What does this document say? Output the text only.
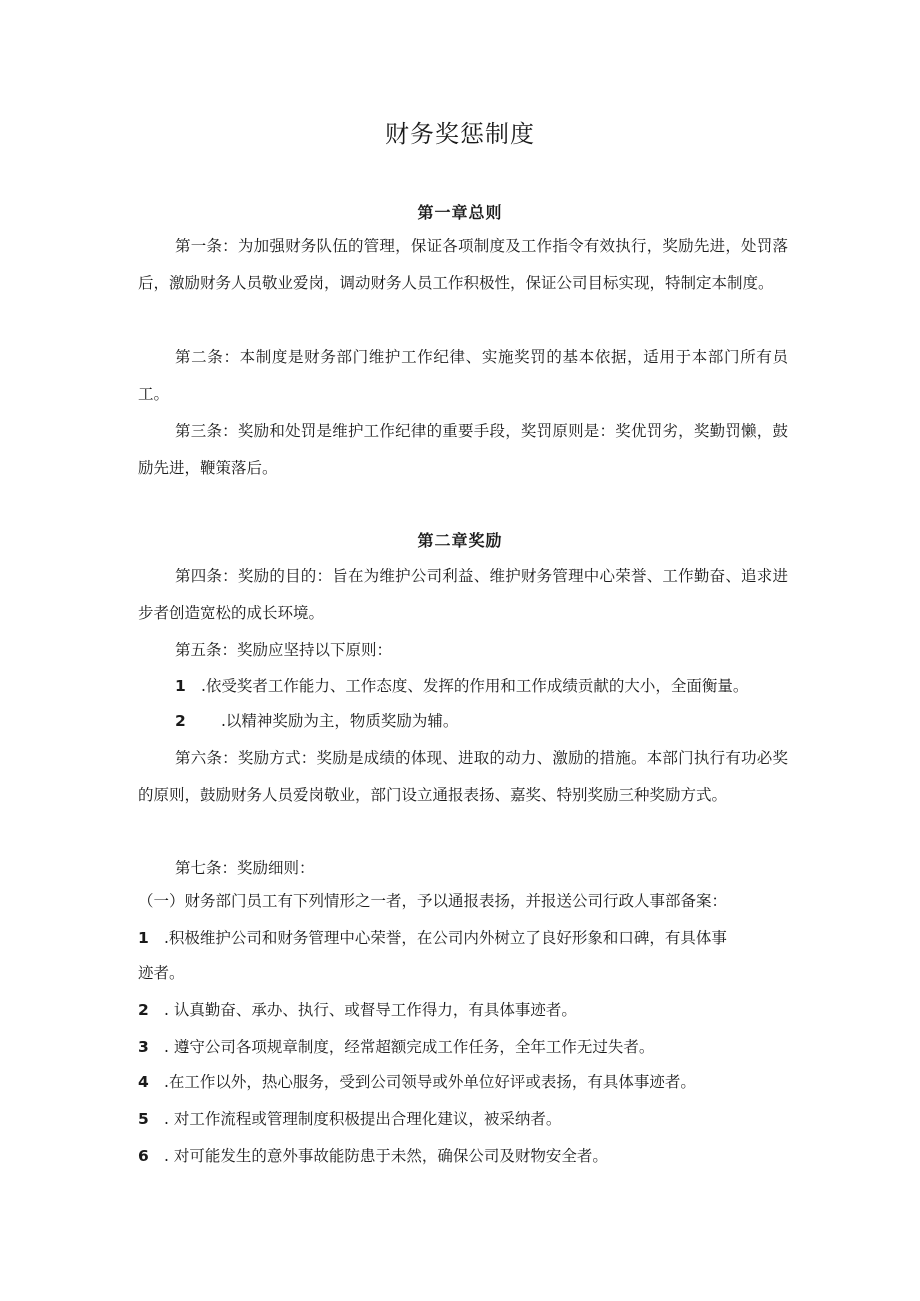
财务奖惩制度
第一章总则
第一条：为加强财务队伍的管理，保证各项制度及工作指令有效执行，奖励先进，处罚落后，激励财务人员敬业爱岗，调动财务人员工作积极性，保证公司目标实现，特制定本制度。
第二条：本制度是财务部门维护工作纪律、实施奖罚的基本依据，适用于本部门所有员工。
第三条：奖励和处罚是维护工作纪律的重要手段，奖罚原则是：奖优罚劣，奖勤罚懒，鼓励先进，鞭策落后。
第二章奖励
第四条：奖励的目的：旨在为维护公司利益、维护财务管理中心荣誉、工作勤奋、追求进步者创造宽松的成长环境。
第五条：奖励应坚持以下原则：
1 .依受奖者工作能力、工作态度、发挥的作用和工作成绩贡献的大小，全面衡量。
2 .以精神奖励为主，物质奖励为辅。
第六条：奖励方式：奖励是成绩的体现、进取的动力、激励的措施。本部门执行有功必奖的原则，鼓励财务人员爱岗敬业，部门设立通报表扬、嘉奖、特别奖励三种奖励方式。
第七条：奖励细则：
（一）财务部门员工有下列情形之一者，予以通报表扬，并报送公司行政人事部备案：
1 .积极维护公司和财务管理中心荣誉，在公司内外树立了良好形象和口碑，有具体事
迹者。
2 . 认真勤奋、承办、执行、或督导工作得力，有具体事迹者。
3 . 遵守公司各项规章制度，经常超额完成工作任务，全年工作无过失者。
4 .在工作以外，热心服务，受到公司领导或外单位好评或表扬，有具体事迹者。
5 . 对工作流程或管理制度积极提出合理化建议，被采纳者。
6 . 对可能发生的意外事故能防患于未然，确保公司及财物安全者。
